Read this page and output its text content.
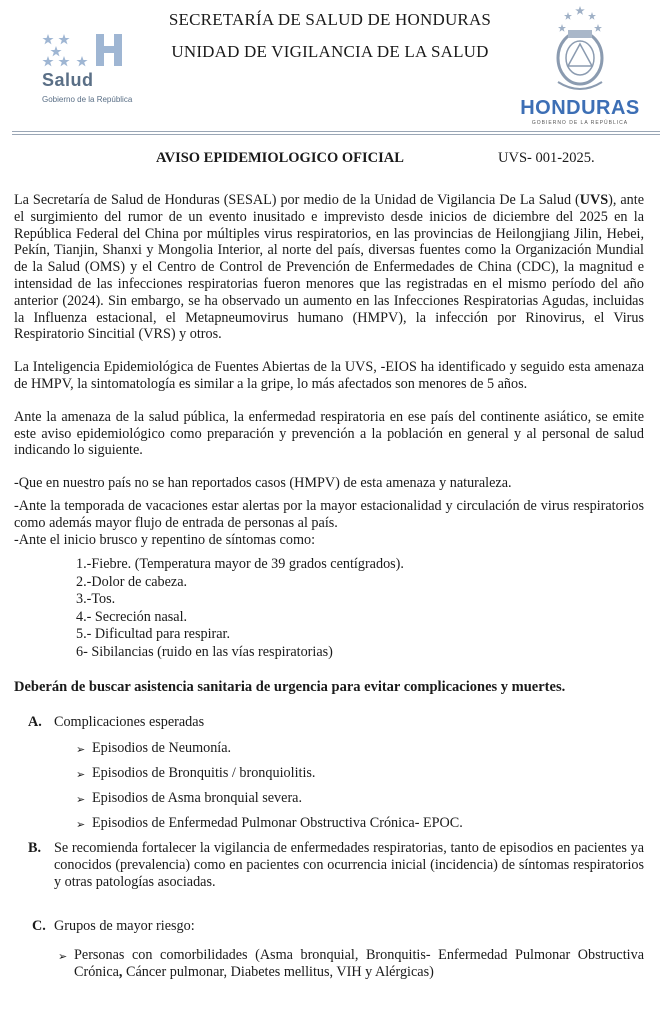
Salud
Gobierno de la República
SECRETARÍA DE SALUD DE HONDURAS
UNIDAD DE VIGILANCIA DE LA SALUD
HONDURAS
GOBIERNO DE LA REPÚBLICA
AVISO EPIDEMIOLOGICO OFICIAL	UVS- 001-2025.

La Secretaría de Salud de Honduras (SESAL) por medio de la Unidad de Vigilancia De La Salud (UVS), ante el surgimiento del rumor de un evento inusitado e imprevisto desde inicios de diciembre del 2025 en la República Federal del China por múltiples virus respiratorios, en las provincias de Heilongjiang Jilin, Hebei, Pekín, Tianjin, Shanxi y Mongolia Interior, al norte del país, diversas fuentes como la Organización Mundial de la Salud (OMS) y el Centro de Control de Prevención de Enfermedades de China (CDC), la magnitud e intensidad de las infecciones respiratorias fueron menores que las registradas en el mismo período del año anterior (2024). Sin embargo, se ha observado un aumento en las Infecciones Respiratorias Agudas, incluidas la Influenza estacional, el Metapneumovirus humano (HMPV), la infección por Rinovirus, el Virus Respiratorio Sincitial (VRS) y otros.

La Inteligencia Epidemiológica de Fuentes Abiertas de la UVS, -EIOS ha identificado y seguido esta amenaza de HMPV, la sintomatología es similar a la gripe, lo más afectados son menores de 5 años.

Ante la amenaza de la salud pública, la enfermedad respiratoria en ese país del continente asiático, se emite este aviso epidemiológico como preparación y prevención a la población en general y al personal de salud indicando lo siguiente.

-Que en nuestro país no se han reportados casos (HMPV) de esta amenaza y naturaleza.

-Ante la temporada de vacaciones estar alertas por la mayor estacionalidad y circulación de virus respiratorios como además mayor flujo de entrada de personas al país.

-Ante el inicio brusco y repentino de síntomas como:

1.-Fiebre. (Temperatura mayor de 39 grados centígrados).
2.-Dolor de cabeza.
3.-Tos.
4.- Secreción nasal.
5.- Dificultad para respirar.
6- Sibilancias (ruido en las vías respiratorias)

Deberán de buscar asistencia sanitaria de urgencia para evitar complicaciones y muertes.

A. Complicaciones esperadas
➢ Episodios de Neumonía.
➢ Episodios de Bronquitis / bronquiolitis.
➢ Episodios de Asma bronquial severa.
➢ Episodios de Enfermedad Pulmonar Obstructiva Crónica- EPOC.
B. Se recomienda fortalecer la vigilancia de enfermedades respiratorias, tanto de episodios en pacientes ya conocidos (prevalencia) como en pacientes con ocurrencia inicial (incidencia) de síntomas respiratorios y otras patologías asociadas.
C. Grupos de mayor riesgo:
➢ Personas con comorbilidades (Asma bronquial, Bronquitis- Enfermedad Pulmonar Obstructiva Crónica, Cáncer pulmonar, Diabetes mellitus, VIH y Alérgicas)
